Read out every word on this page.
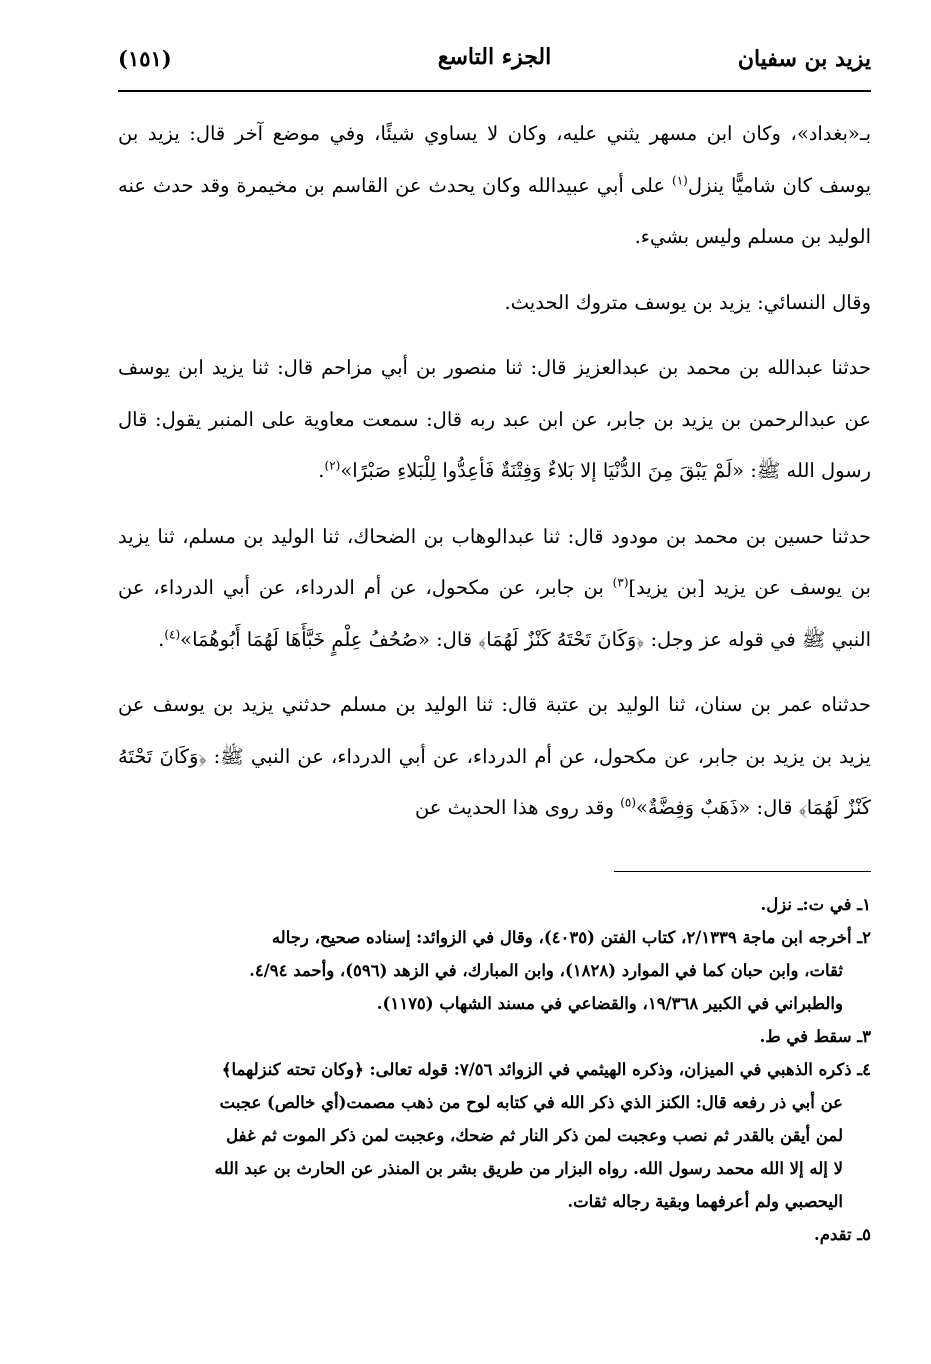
يزيد بن سفيان
الجزء التاسع
(١٥١)

بـ«بغداد»، وكان ابن مسهر يثني عليه، وكان لا يساوي شيئًا، وفي موضع آخر قال: يزيد بن يوسف كان شاميًّا ينزل$^{(١)}$ على أبي عبيدالله وكان يحدث عن القاسم بن مخيمرة وقد حدث عنه الوليد بن مسلم وليس بشيء.

وقال النسائي: يزيد بن يوسف متروك الحديث.

حدثنا عبدالله بن محمد بن عبدالعزيز قال: ثنا منصور بن أبي مزاحم قال: ثنا يزيد ابن يوسف عن عبدالرحمن بن يزيد بن جابر، عن ابن عبد ربه قال: سمعت معاوية على المنبر يقول: قال رسول الله ﷺ: «لَمْ يَبْقَ مِنَ الدُّنْيَا إلا بَلاءٌ وَفِتْنَةٌ فَأعِدُّوا لِلْبَلاءِ صَبْرًا»$^{(٢)}$.

حدثنا حسين بن محمد بن مودود قال: ثنا عبدالوهاب بن الضحاك، ثنا الوليد بن مسلم، ثنا يزيد بن يوسف عن يزيد [بن يزيد]$^{(٣)}$ بن جابر، عن مكحول، عن أم الدرداء، عن أبي الدرداء، عن النبي ﷺ في قوله عز وجل: ﴿وَكَانَ تَحْتَهُ كَنْزٌ لَهُمَا﴾ قال: «صُحُفُ عِلْمٍ خَبَّأَهَا لَهُمَا أَبُوهُمَا»$^{(٤)}$.

حدثناه عمر بن سنان، ثنا الوليد بن عتبة قال: ثنا الوليد بن مسلم حدثني يزيد بن يوسف عن يزيد بن يزيد بن جابر، عن مكحول، عن أم الدرداء، عن أبي الدرداء، عن النبي ﷺ: ﴿وَكَانَ تَحْتَهُ كَنْزٌ لَهُمَا﴾ قال: «ذَهَبٌ وَفِضَّةٌ»$^{(٥)}$ وقد روى هذا الحديث عن

١ـ في ت:ـ نزل.

٢ـ أخرجه ابن ماجة ٢/١٣٣٩، كتاب الفتن (٤٠٣٥)، وقال في الزوائد: إسناده صحيح، رجاله

ثقات، وابن حبان كما في الموارد (١٨٢٨)، وابن المبارك، في الزهد (٥٩٦)، وأحمد ٤/٩٤.

والطبراني في الكبير ١٩/٣٦٨، والقضاعي في مسند الشهاب (١١٧٥).

٣ـ سقط في ط.

٤ـ ذكره الذهبي في الميزان، وذكره الهيثمي في الزوائد ٧/٥٦: قوله تعالى: ﴿وكان تحته كنزلهما﴾

عن أبي ذر رفعه قال: الكنز الذي ذكر الله في كتابه لوح من ذهب مصمت(أي خالص) عجبت

لمن أيقن بالقدر ثم نصب وعجبت لمن ذكر النار ثم ضحك، وعجبت لمن ذكر الموت ثم غفل

لا إله إلا الله محمد رسول الله. رواه البزار من طريق بشر بن المنذر عن الحارث بن عبد الله

اليحصبي ولم أعرفهما وبقية رجاله ثقات.

٥ـ تقدم.
